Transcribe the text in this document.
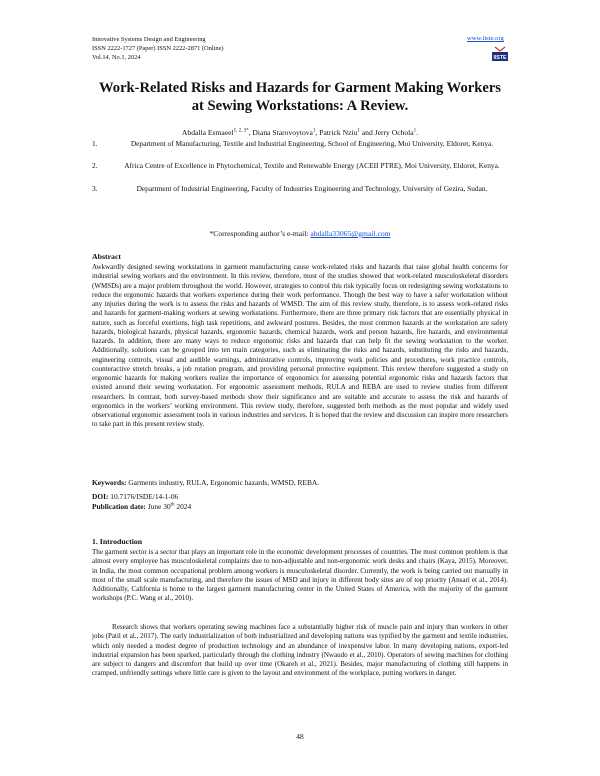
Innovative Systems Design and Engineering
ISSN 2222-1727 (Paper) ISSN 2222-2871 (Online)
Vol.14, No.1, 2024
www.iiste.org
IISTE
Work-Related Risks and Hazards for Garment Making Workers
at Sewing Workstations: A Review.
Abdalla Esmaeel$^{1, 2, 3*}$, Diana Starovoytova$^1$, Patrick Nziu$^1$ and Jerry Ochola$^1$.
1.	Department of Manufacturing, Textile and Industrial Engineering, School of Engineering, Moi University, Eldoret, Kenya.
2.	Africa Centre of Excellence in Phytochemical, Textile and Renewable Energy (ACEII PTRE), Moi University, Eldoret, Kenya.
3.	Department of Industrial Engineering, Faculty of Industries Engineering and Technology, University of Gezira, Sudan.
*Corresponding author’s e-mail: abdalla33065@gmail.com
Abstract

Awkwardly designed sewing workstations in garment manufacturing cause work-related risks and hazards that raise global health concerns for industrial sewing workers and the environment. In this review, therefore, most of the studies showed that work-related musculoskeletal disorders (WMSDs) are a major problem throughout the world. However, strategies to control this risk typically focus on redesigning sewing workstations to reduce the ergonomic hazards that workers experience during their work performance. Though the best way to have a safer workstation without any injuries during the work is to assess the risks and hazards of WMSD. The aim of this review study, therefore, is to assess work-related risks and hazards for garment-making workers at sewing workstations. Furthermore, there are three primary risk factors that are essentially physical in nature, such as forceful exertions, high task repetitions, and awkward postures. Besides, the most common hazards at the workstation are safety hazards, biological hazards, physical hazards, ergonomic hazards, chemical hazards, work and person hazards, fire hazards, and environmental hazards. In addition, there are many ways to reduce ergonomic risks and hazards that can help fit the sewing workstation to the worker. Additionally, solutions can be grouped into ten main categories, such as eliminating the risks and hazards, substituting the risks and hazards, engineering controls, visual and audible warnings, administrative controls, improving work policies and procedures, work practice controls, counteractive stretch breaks, a job rotation program, and providing personal protective equipment. This review therefore suggested a study on ergonomic hazards for making workers realize the importance of ergonomics for assessing potential ergonomic risks and hazards factors that existed around their sewing workstation. For ergonomic assessment methods, RULA and REBA are used to review studies from different researchers. In contrast, both survey-based methods show their significance and are suitable and accurate to assess the risk and hazards of ergonomics in the workers’ working environment. This review study, therefore, suggested both methods as the most popular and widely used observational ergonomic assessment tools in various industries and services. It is hoped that the review and discussion can inspire more researchers to take part in this present review study.

Keywords: Garments industry, RULA, Ergonomic hazards, WMSD, REBA.
DOI: 10.7176/ISDE/14-1-06
Publication date: June 30th 2024
1. Introduction

The garment sector is a sector that plays an important role in the economic development processes of countries. The most common problem is that almost every employee has musculoskeletal complaints due to non-adjustable and non-ergonomic work desks and chairs (Kaya, 2015). Moreover, in India, the most common occupational problem among workers is musculoskeletal disorder. Currently, the work is being carried out manually in most of the small scale manufacturing, and therefore the issues of MSD and injury in different body sites are of top priority (Ansari et al., 2014). Additionally, California is home to the largest garment manufacturing center in the United States of America, with the majority of the garment workshops (P.C. Wang et al., 2010).

Research shows that workers operating sewing machines face a substantially higher risk of muscle pain and injury than workers in other jobs (Patil et al., 2017). The early industrialization of both industrialized and developing nations was typified by the garment and textile industries, which only needed a modest degree of production technology and an abundance of inexpensive labor. In many developing nations, export-led industrial expansion has been sparked, particularly through the clothing industry (Nwaudo et al., 2010). Operators of sewing machines for clothing are subject to dangers and discomfort that build up over time (Okareh et al., 2021). Besides, major manufacturing of clothing still happens in cramped, unfriendly settings where little care is given to the layout and environment of the workplace, putting workers in danger.

48
